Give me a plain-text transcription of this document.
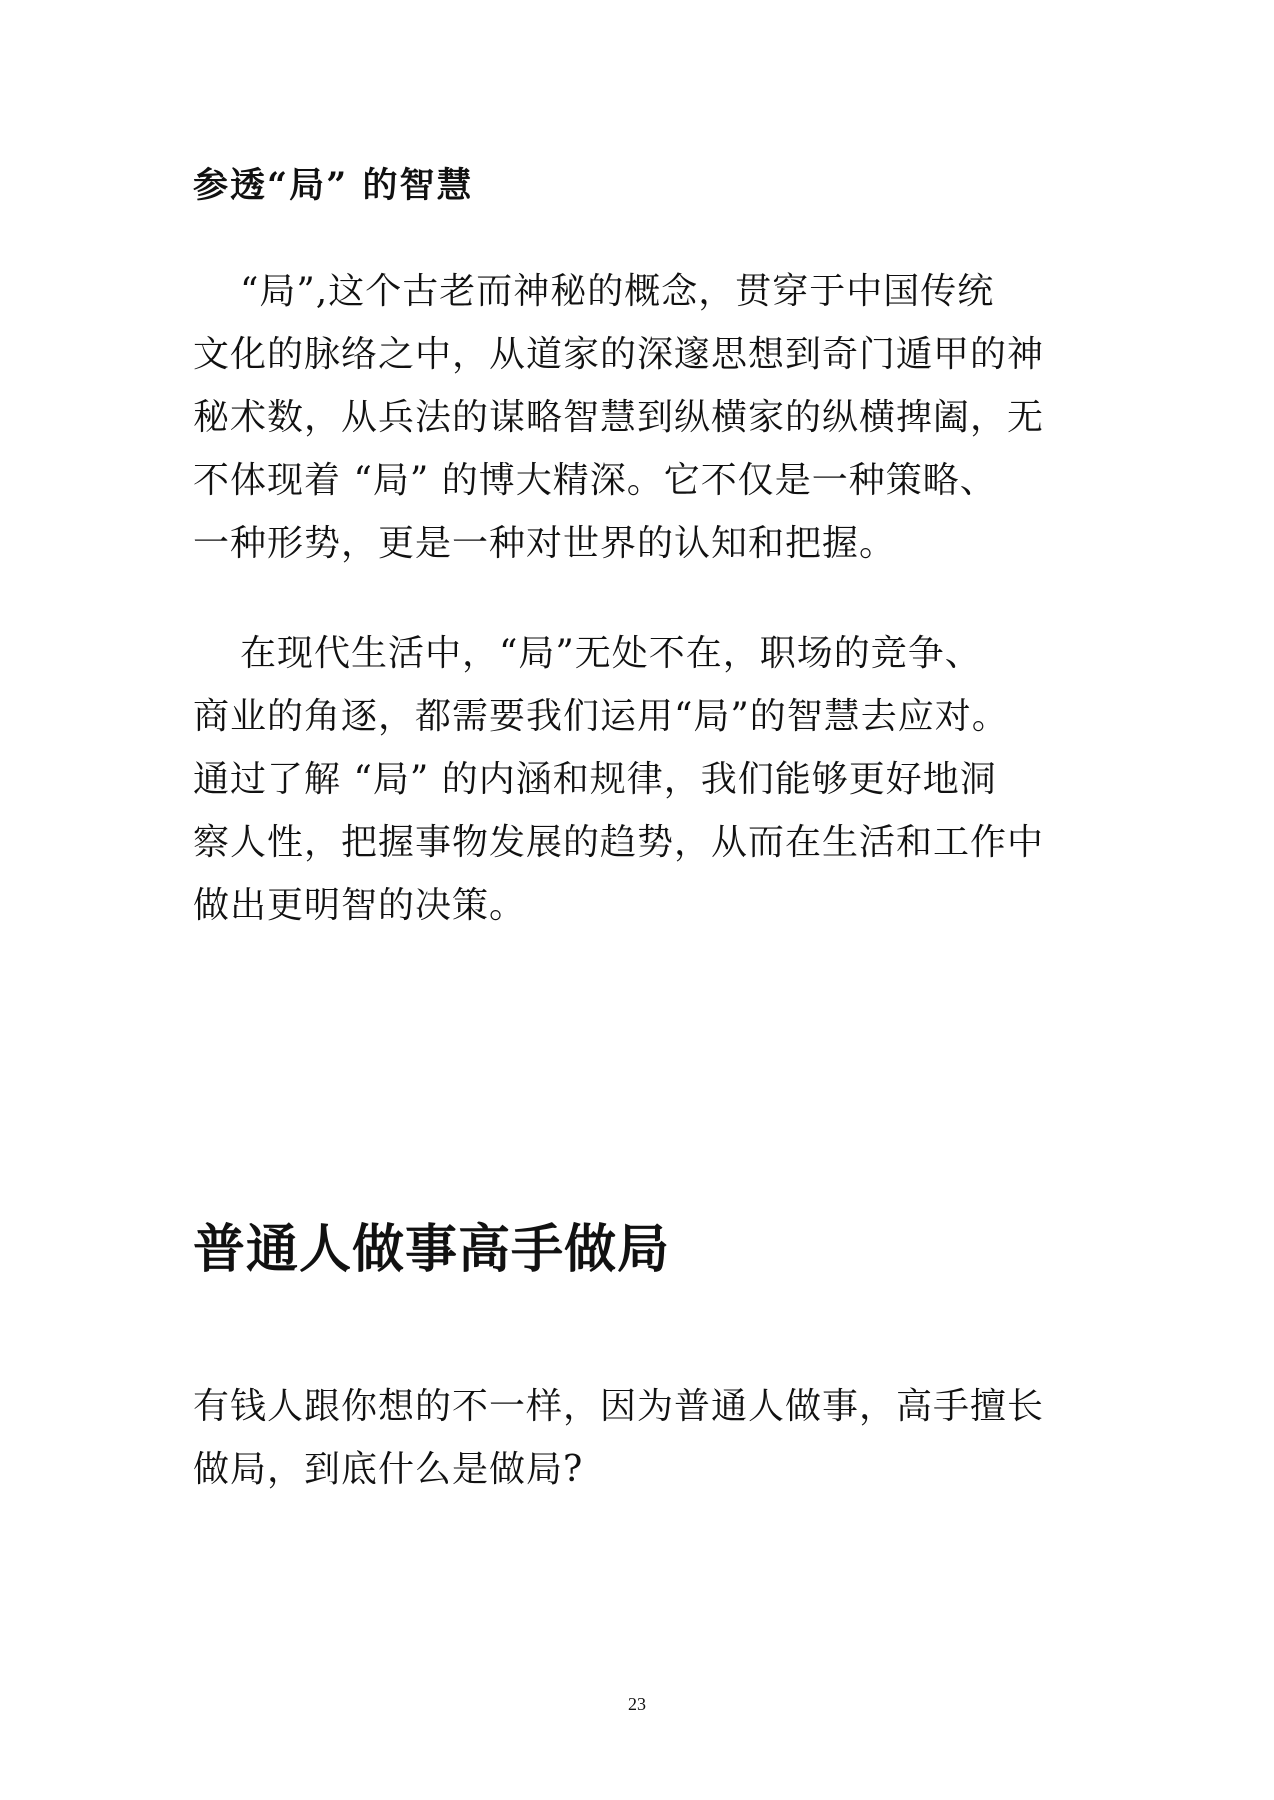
参透“局” 的智慧
“局”,这个古老而神秘的概念，贯穿于中国传统
文化的脉络之中，从道家的深邃思想到奇门遁甲的神
秘术数，从兵法的谋略智慧到纵横家的纵横捭阖，无
不体现着 “局” 的博大精深。它不仅是一种策略、
一种形势，更是一种对世界的认知和把握。
在现代生活中，“局”无处不在，职场的竞争、
商业的角逐，都需要我们运用“局”的智慧去应对。
通过了解 “局” 的内涵和规律，我们能够更好地洞
察人性，把握事物发展的趋势，从而在生活和工作中
做出更明智的决策。
普通人做事高手做局
有钱人跟你想的不一样，因为普通人做事，高手擅长
做局，到底什么是做局?
23
